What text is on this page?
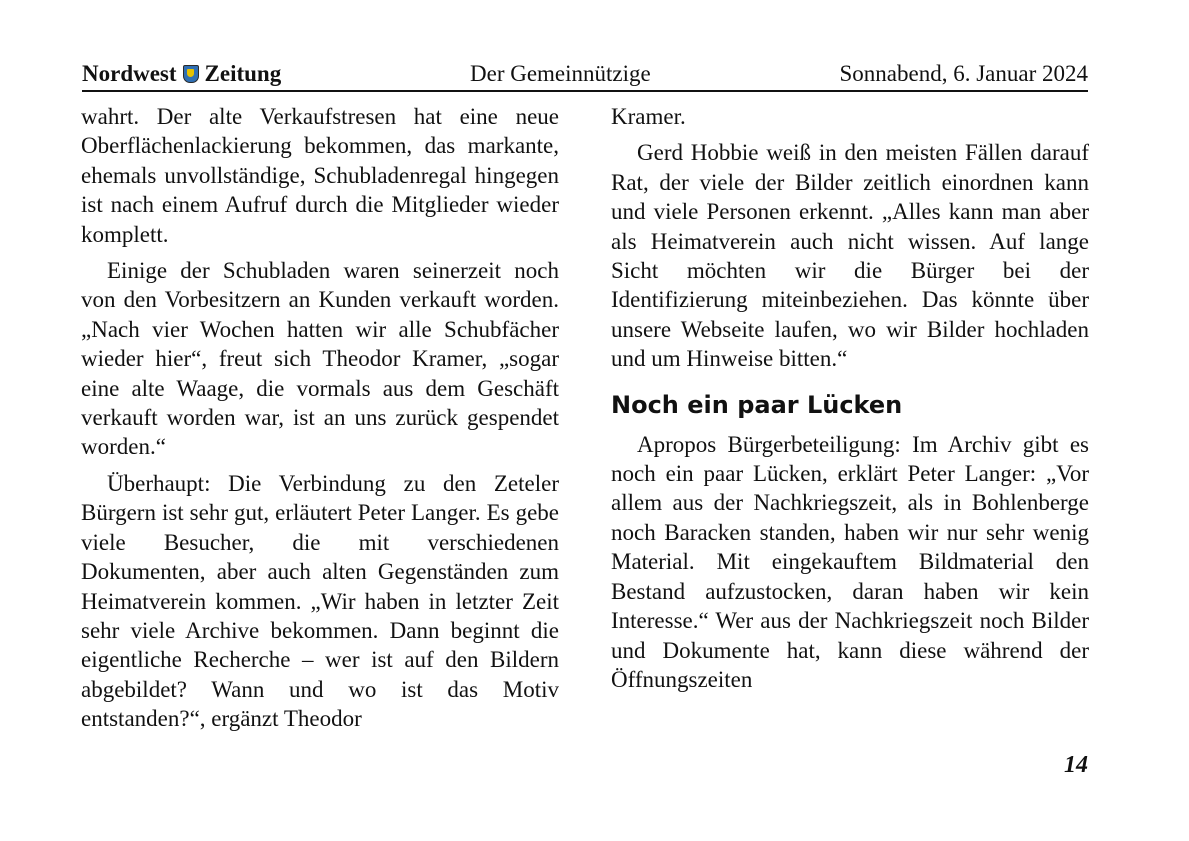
Nordwest Zeitung	Der Gemeinnützige	Sonnabend, 6. Januar 2024

wahrt. Der alte Verkaufstresen hat eine neue Oberflächenlackierung bekommen, das markante, ehemals unvollständige, Schubladenregal hingegen ist nach einem Aufruf durch die Mitglieder wieder komplett.

Einige der Schubladen waren seinerzeit noch von den Vorbesitzern an Kunden verkauft worden. „Nach vier Wochen hatten wir alle Schubfächer wieder hier“, freut sich Theodor Kramer, „sogar eine alte Waage, die vormals aus dem Geschäft verkauft worden war, ist an uns zurück gespendet worden.“

Überhaupt: Die Verbindung zu den Zeteler Bürgern ist sehr gut, erläutert Peter Langer. Es gebe viele Besucher, die mit verschiedenen Dokumenten, aber auch alten Gegenständen zum Heimatverein kommen. „Wir haben in letzter Zeit sehr viele Archive bekommen. Dann beginnt die eigentliche Recherche – wer ist auf den Bildern abgebildet? Wann und wo ist das Motiv entstanden?“, ergänzt Theodor

Kramer.

Gerd Hobbie weiß in den meisten Fällen darauf Rat, der viele der Bilder zeitlich einordnen kann und viele Personen erkennt. „Alles kann man aber als Heimatverein auch nicht wissen. Auf lange Sicht möchten wir die Bürger bei der Identifizierung miteinbeziehen. Das könnte über unsere Webseite laufen, wo wir Bilder hochladen und um Hinweise bitten.“

Noch ein paar Lücken

Apropos Bürgerbeteiligung: Im Archiv gibt es noch ein paar Lücken, erklärt Peter Langer: „Vor allem aus der Nachkriegszeit, als in Bohlenberge noch Baracken standen, haben wir nur sehr wenig Material. Mit eingekauftem Bildmaterial den Bestand aufzustocken, daran haben wir kein Interesse.“ Wer aus der Nachkriegszeit noch Bilder und Dokumente hat, kann diese während der Öffnungszeiten

14
